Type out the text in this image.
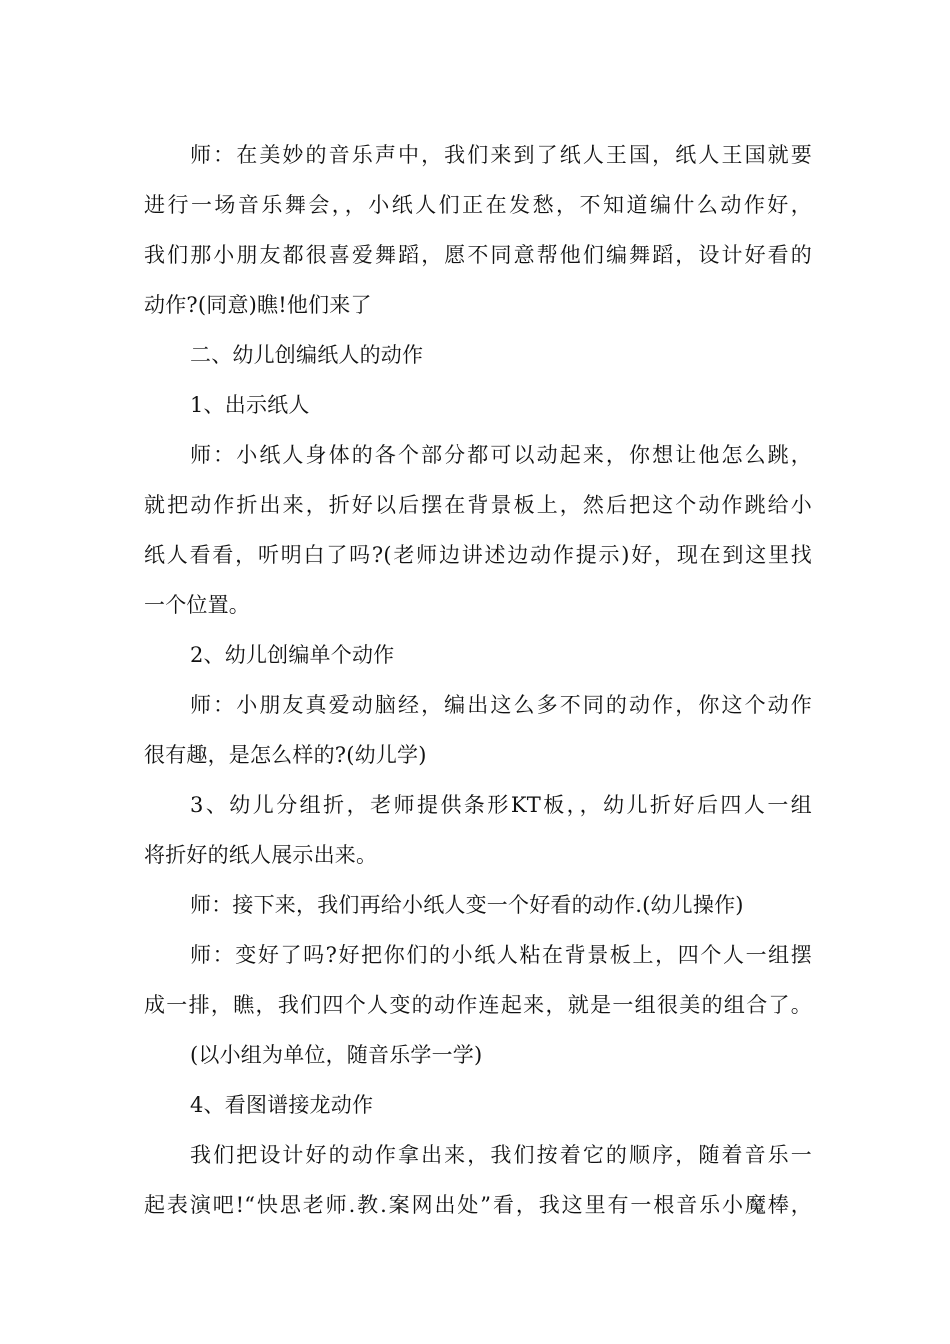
师：在美妙的音乐声中，我们来到了纸人王国，纸人王国就要
进行一场音乐舞会，，小纸人们正在发愁，不知道编什么动作好，
我们那小朋友都很喜爱舞蹈，愿不同意帮他们编舞蹈，设计好看的
动作?(同意)瞧!他们来了
二、幼儿创编纸人的动作
1、出示纸人
师：小纸人身体的各个部分都可以动起来，你想让他怎么跳，
就把动作折出来，折好以后摆在背景板上，然后把这个动作跳给小
纸人看看，听明白了吗?(老师边讲述边动作提示)好，现在到这里找
一个位置。
2、幼儿创编单个动作
师：小朋友真爱动脑经，编出这么多不同的动作，你这个动作
很有趣，是怎么样的?(幼儿学)
3、幼儿分组折，老师提供条形KT板，，幼儿折好后四人一组
将折好的纸人展示出来。
师：接下来，我们再给小纸人变一个好看的动作.(幼儿操作)
师：变好了吗?好把你们的小纸人粘在背景板上，四个人一组摆
成一排，瞧，我们四个人变的动作连起来，就是一组很美的组合了。
(以小组为单位，随音乐学一学)
4、看图谱接龙动作
我们把设计好的动作拿出来，我们按着它的顺序，随着音乐一
起表演吧!“快思老师.教.案网出处”看，我这里有一根音乐小魔棒，
